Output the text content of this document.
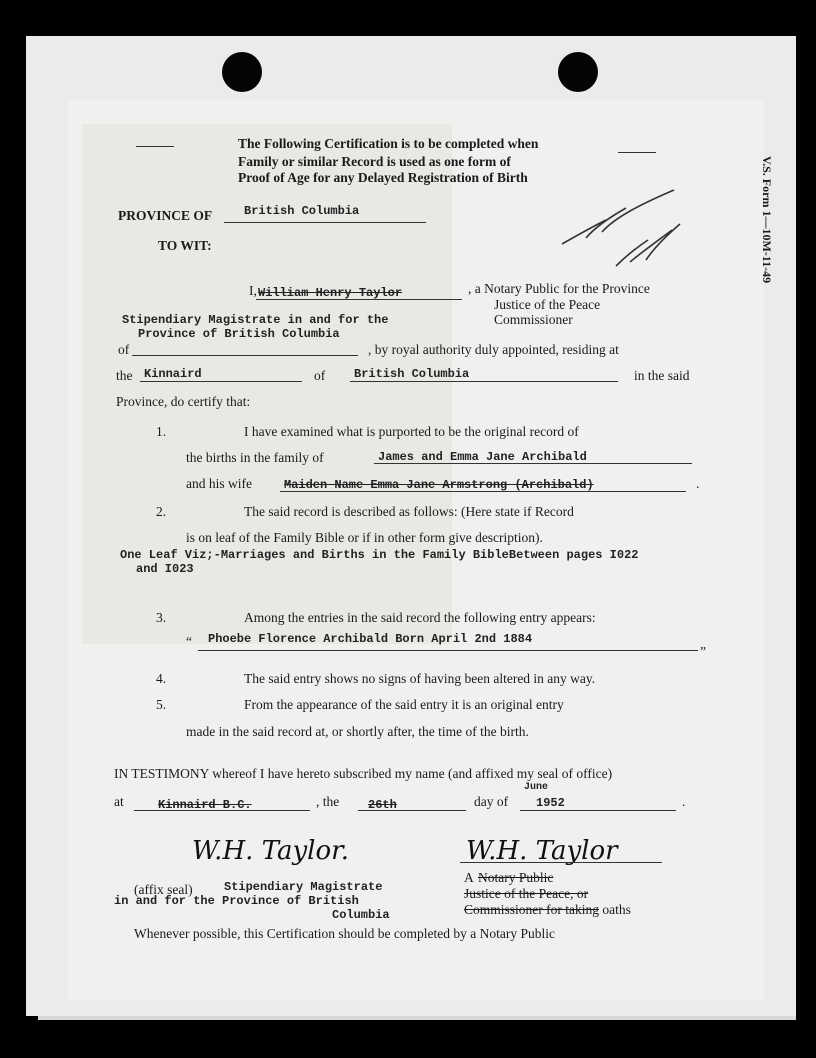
V.S. Form 1—10M-11-49
The Following Certification is to be completed when
Family or similar Record is used as one form of
Proof of Age for any Delayed Registration of Birth
PROVINCE OF	British Columbia
TO WIT:
I, William Henry Taylor	, a Notary Public for the Province
Justice of the Peace
Commissioner
Stipendiary Magistrate in and for the
Province of British Columbia
of	, by royal authority duly appointed, residing at
the Kinnaird	of British Columbia	in the said
Province, do certify that:
1.	I have examined what is purported to be the original record of
the births in the family of	James and Emma Jane Archibald
and his wife	Maiden Name Emma Jane Armstrong (Archibald)	.
2.	The said record is described as follows: (Here state if Record
is on leaf of the Family Bible or if in other form give description).
One Leaf Viz;-Marriages and Births in the Family BibleBetween pages I022
and I023
3.	Among the entries in the said record the following entry appears:
“ Phoebe Florence Archibald Born April 2nd 1884
”
4.	The said entry shows no signs of having been altered in any way.
5.	From the appearance of the said entry it is an original entry
made in the said record at, or shortly after, the time of the birth.
IN TESTIMONY whereof I have hereto subscribed my name (and affixed my seal of office)
at	Kinnaird B.C.	, the 26th	day of
June
1952	.
W.H. Taylor.	W.H. Taylor
(affix seal)	Stipendiary Magistrate
in and for the Province of British
Columbia
A Notary Public
Justice of the Peace, or
Commissioner for taking oaths
Whenever possible, this Certification should be completed by a Notary Public
